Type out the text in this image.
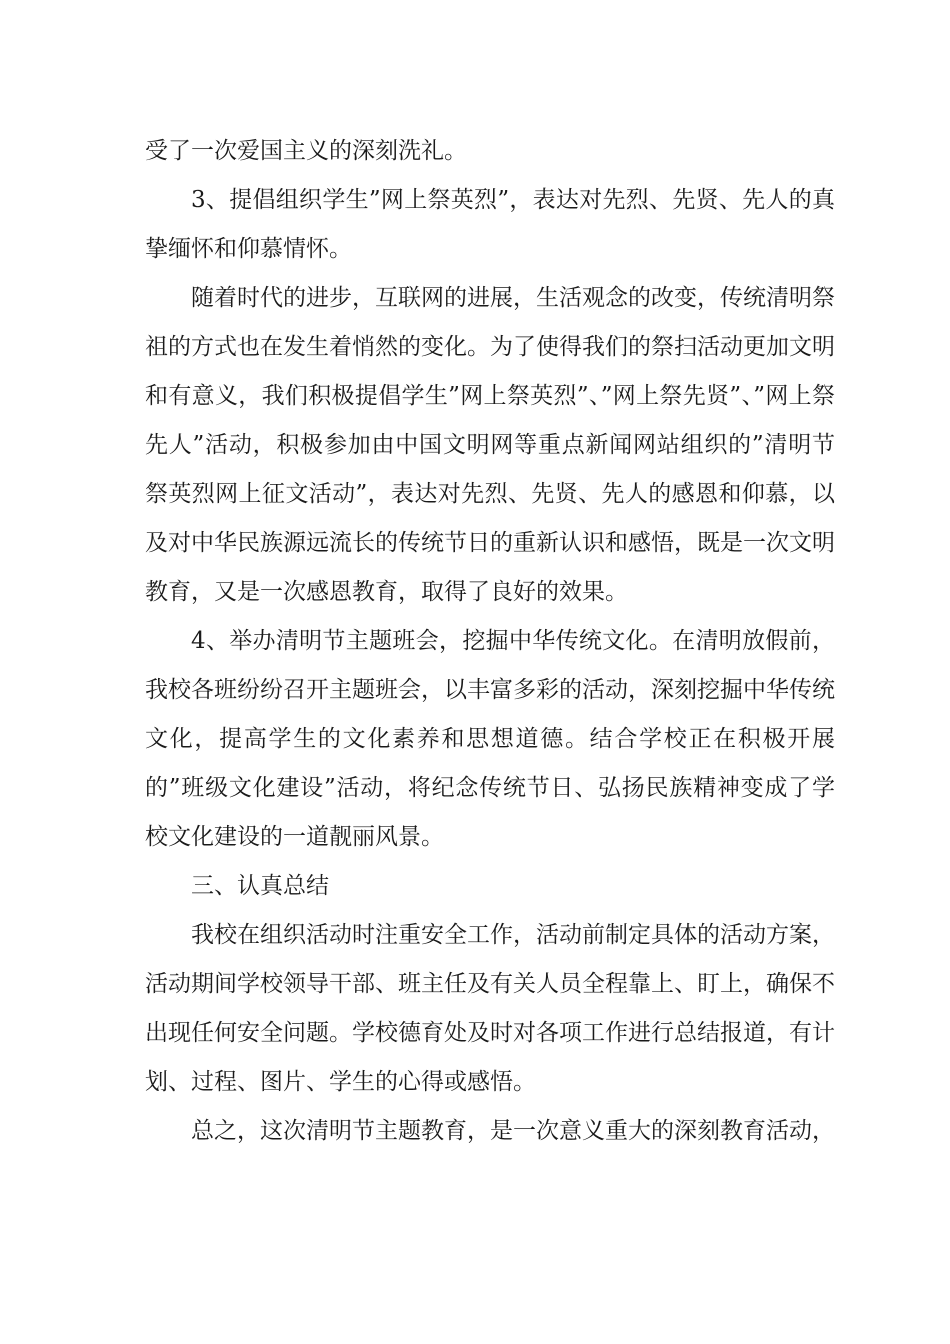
受了一次爱国主义的深刻洗礼。

3、提倡组织学生”网上祭英烈”，表达对先烈、先贤、先人的真挚缅怀和仰慕情怀。

随着时代的进步，互联网的进展，生活观念的改变，传统清明祭祖的方式也在发生着悄然的变化。为了使得我们的祭扫活动更加文明和有意义，我们积极提倡学生”网上祭英烈”、”网上祭先贤”、”网上祭先人”活动，积极参加由中国文明网等重点新闻网站组织的”清明节祭英烈网上征文活动”，表达对先烈、先贤、先人的感恩和仰慕，以及对中华民族源远流长的传统节日的重新认识和感悟，既是一次文明教育，又是一次感恩教育，取得了良好的效果。

4、举办清明节主题班会，挖掘中华传统文化。在清明放假前，我校各班纷纷召开主题班会，以丰富多彩的活动，深刻挖掘中华传统文化，提高学生的文化素养和思想道德。结合学校正在积极开展的”班级文化建设”活动，将纪念传统节日、弘扬民族精神变成了学校文化建设的一道靓丽风景。

三、认真总结

我校在组织活动时注重安全工作，活动前制定具体的活动方案，活动期间学校领导干部、班主任及有关人员全程靠上、盯上，确保不出现任何安全问题。学校德育处及时对各项工作进行总结报道，有计划、过程、图片、学生的心得或感悟。

总之，这次清明节主题教育，是一次意义重大的深刻教育活动，
